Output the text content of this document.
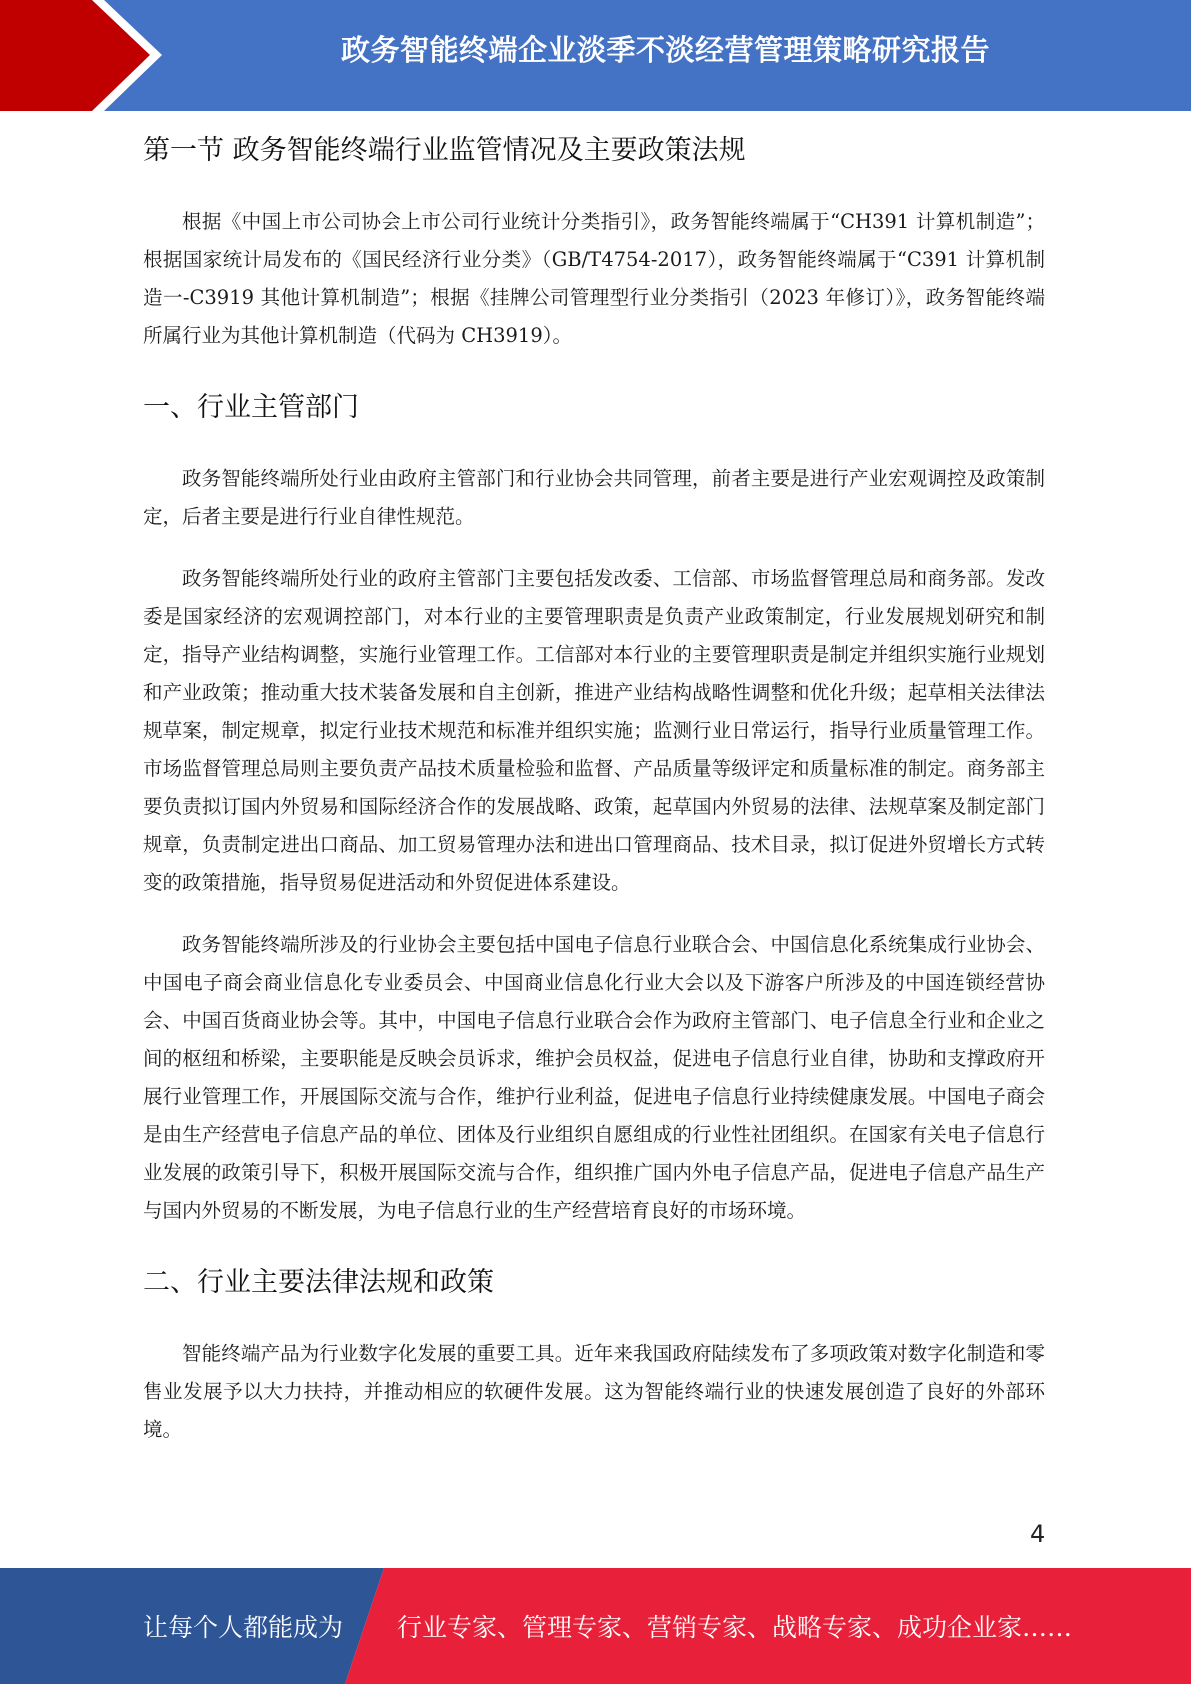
政务智能终端企业淡季不淡经营管理策略研究报告
第一节 政务智能终端行业监管情况及主要政策法规

根据《中国上市公司协会上市公司行业统计分类指引》，政务智能终端属于“CH391 计算机制造”；根据国家统计局发布的《国民经济行业分类》（GB/T4754-2017），政务智能终端属于“C391 计算机制造一-C3919 其他计算机制造”；根据《挂牌公司管理型行业分类指引（2023 年修订）》，政务智能终端所属行业为其他计算机制造（代码为 CH3919）。

一、行业主管部门

政务智能终端所处行业由政府主管部门和行业协会共同管理，前者主要是进行产业宏观调控及政策制定，后者主要是进行行业自律性规范。

政务智能终端所处行业的政府主管部门主要包括发改委、工信部、市场监督管理总局和商务部。发改委是国家经济的宏观调控部门，对本行业的主要管理职责是负责产业政策制定，行业发展规划研究和制定，指导产业结构调整，实施行业管理工作。工信部对本行业的主要管理职责是制定并组织实施行业规划和产业政策；推动重大技术装备发展和自主创新，推进产业结构战略性调整和优化升级；起草相关法律法规草案，制定规章，拟定行业技术规范和标准并组织实施；监测行业日常运行，指导行业质量管理工作。市场监督管理总局则主要负责产品技术质量检验和监督、产品质量等级评定和质量标准的制定。商务部主要负责拟订国内外贸易和国际经济合作的发展战略、政策，起草国内外贸易的法律、法规草案及制定部门规章，负责制定进出口商品、加工贸易管理办法和进出口管理商品、技术目录，拟订促进外贸增长方式转变的政策措施，指导贸易促进活动和外贸促进体系建设。

政务智能终端所涉及的行业协会主要包括中国电子信息行业联合会、中国信息化系统集成行业协会、中国电子商会商业信息化专业委员会、中国商业信息化行业大会以及下游客户所涉及的中国连锁经营协会、中国百货商业协会等。其中，中国电子信息行业联合会作为政府主管部门、电子信息全行业和企业之间的枢纽和桥梁，主要职能是反映会员诉求，维护会员权益，促进电子信息行业自律，协助和支撑政府开展行业管理工作，开展国际交流与合作，维护行业利益，促进电子信息行业持续健康发展。中国电子商会是由生产经营电子信息产品的单位、团体及行业组织自愿组成的行业性社团组织。在国家有关电子信息行业发展的政策引导下，积极开展国际交流与合作，组织推广国内外电子信息产品，促进电子信息产品生产与国内外贸易的不断发展，为电子信息行业的生产经营培育良好的市场环境。

二、行业主要法律法规和政策

智能终端产品为行业数字化发展的重要工具。近年来我国政府陆续发布了多项政策对数字化制造和零售业发展予以大力扶持，并推动相应的软硬件发展。这为智能终端行业的快速发展创造了良好的外部环境。

4
让每个人都能成为 行业专家、管理专家、营销专家、战略专家、成功企业家……
